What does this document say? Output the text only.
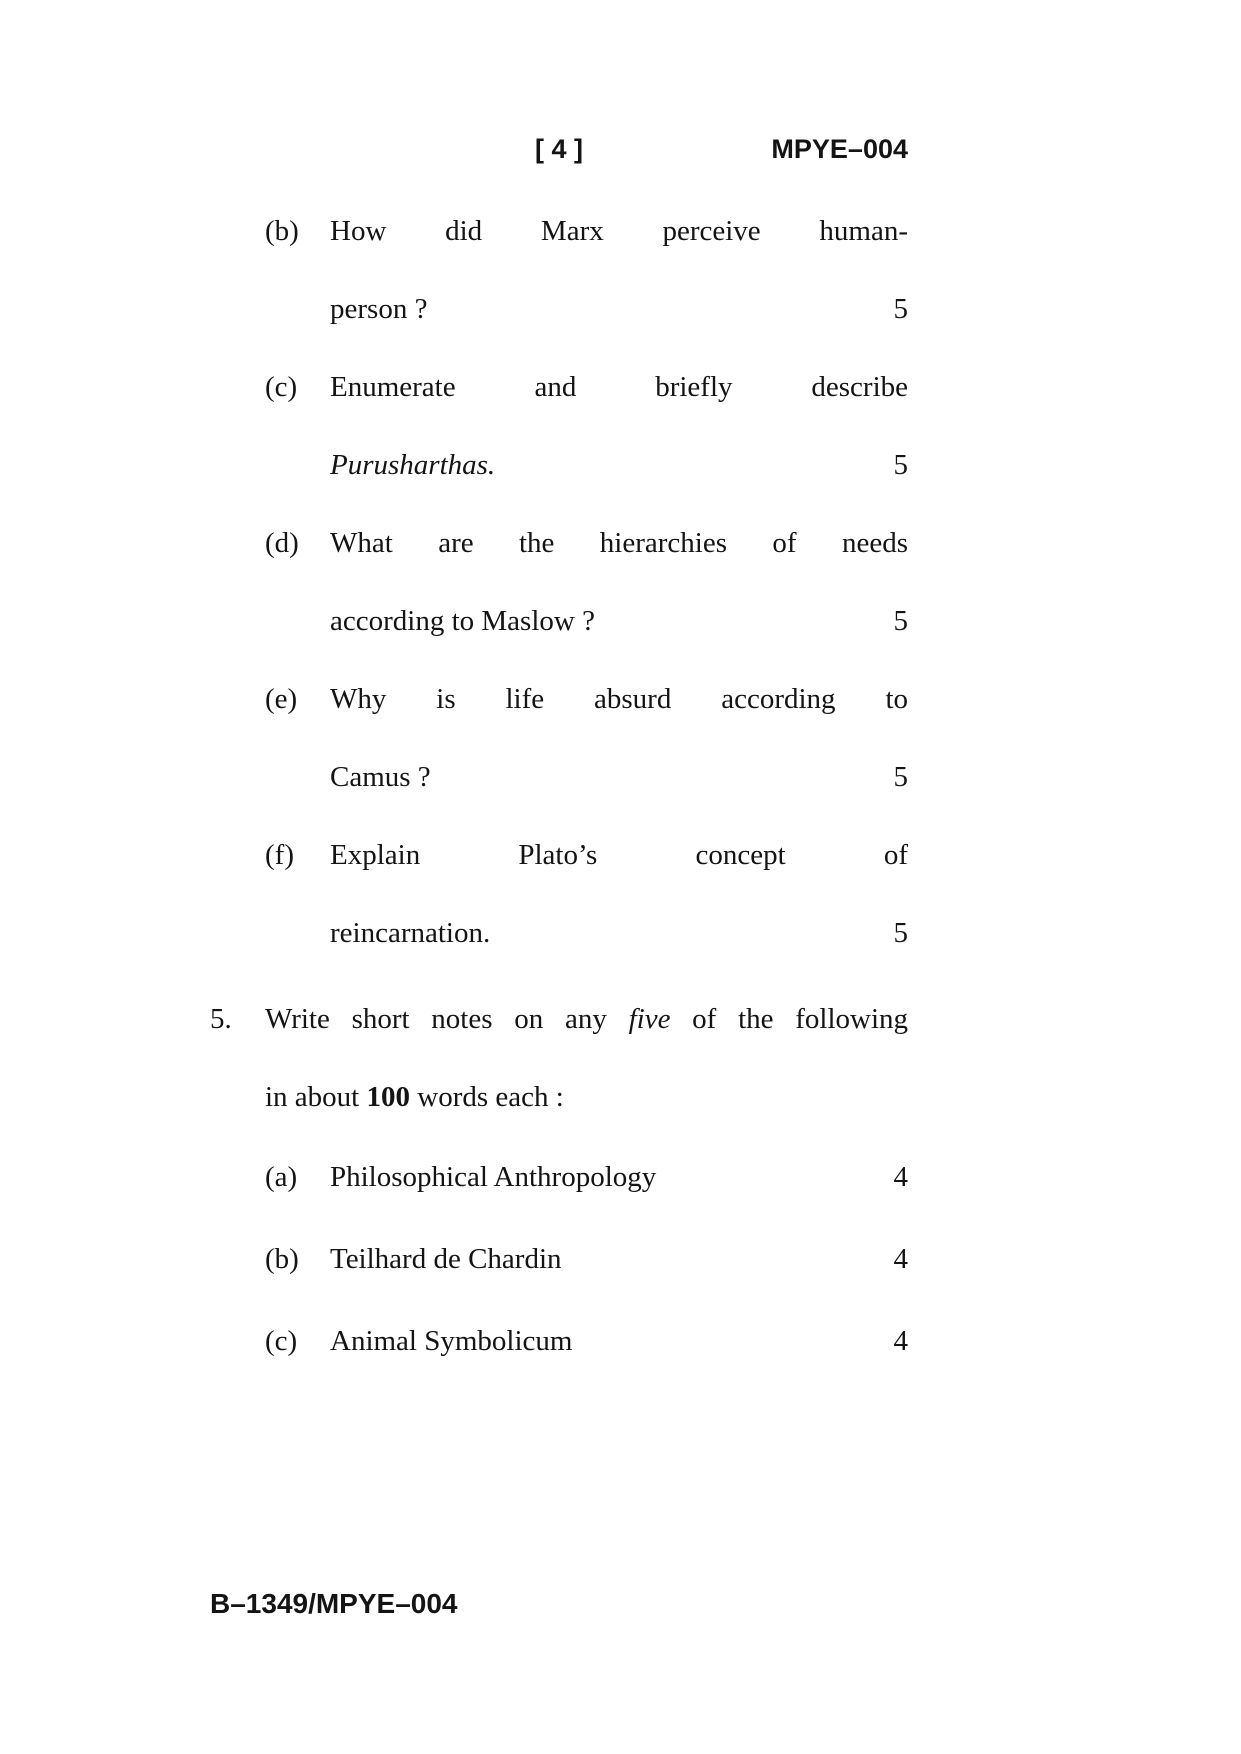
[ 4 ]	MPYE–004
(b)	How did Marx perceive human-
person ?	5
(c)	Enumerate and briefly describe
Purusharthas.	5
(d)	What are the hierarchies of needs
according to Maslow ?	5
(e)	Why is life absurd according to
Camus ?	5
(f)	Explain Plato’s concept of
reincarnation.	5
5.	Write short notes on any five of the following
in about 100 words each :
(a)	Philosophical Anthropology	4
(b)	Teilhard de Chardin	4
(c)	Animal Symbolicum	4
B–1349/MPYE–004
